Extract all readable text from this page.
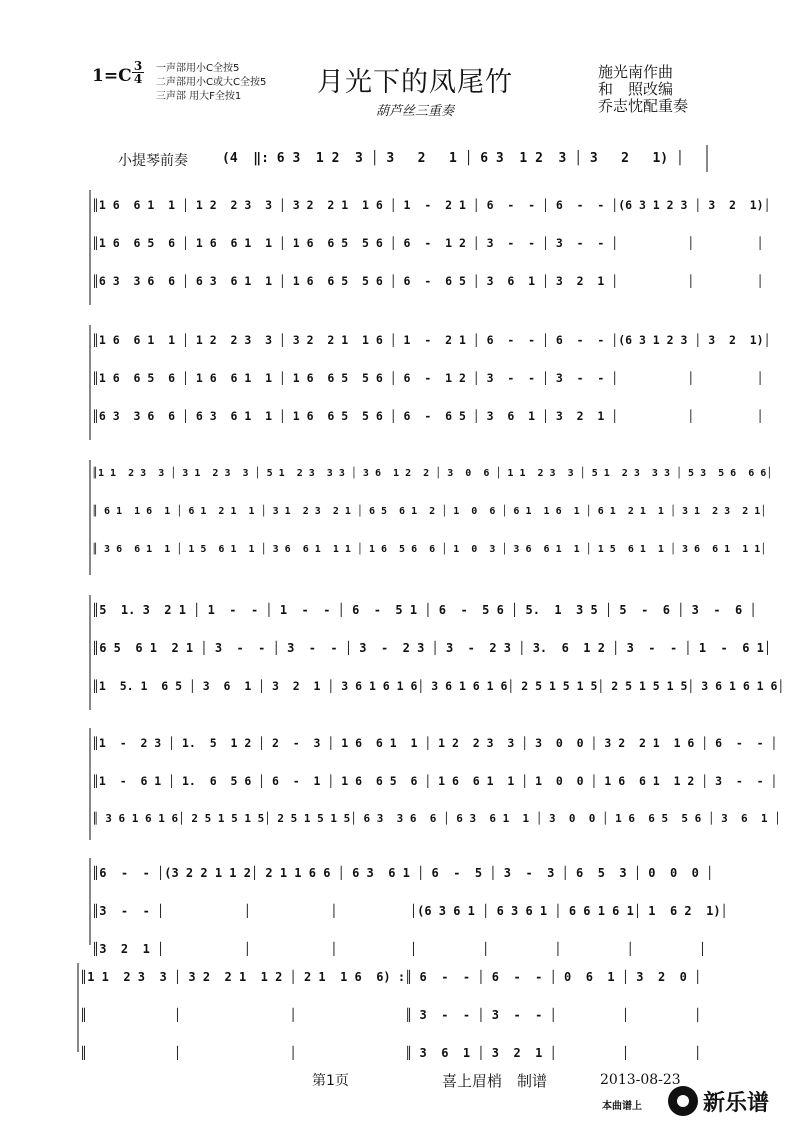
1=C 3
4
一声部用小C全按5
二声部用小C或大C全按5
三声部 用大F全按1	月光下的凤尾竹
葫芦丝三重奏
施光南作曲
和　照改编
乔志忱配重奏
小提琴前奏	(4  ‖: 6 3  1 2  3 │ 3   2   1 │ 6 3  1 2  3 │ 3   2   1) │
║1 6  6 1  1 │ 1 2  2 3  3 │ 3 2  2 1  1 6 │ 1  -  2 1 │ 6  -  - │ 6  -  - │(6 3 1 2 3 │ 3  2  1)│
║1 6  6 5  6 │ 1 6  6 1  1 │ 1 6  6 5  5 6 │ 6  -  1 2 │ 3  -  - │ 3  -  - │          │         │
║6 3  3 6  6 │ 6 3  6 1  1 │ 1 6  6 5  5 6 │ 6  -  6 5 │ 3  6  1 │ 3  2  1 │          │         │
║1 6  6 1  1 │ 1 2  2 3  3 │ 3 2  2 1  1 6 │ 1  -  2 1 │ 6  -  - │ 6  -  - │(6 3 1 2 3 │ 3  2  1)│
║1 6  6 5  6 │ 1 6  6 1  1 │ 1 6  6 5  5 6 │ 6  -  1 2 │ 3  -  - │ 3  -  - │          │         │
║6 3  3 6  6 │ 6 3  6 1  1 │ 1 6  6 5  5 6 │ 6  -  6 5 │ 3  6  1 │ 3  2  1 │          │         │
║1 1  2 3  3 │ 3 1  2 3  3 │ 5 1  2 3  3 3 │ 3 6  1 2  2 │ 3  0  6 │ 1 1  2 3  3 │ 5 1  2 3  3 3 │ 5 3  5 6  6 6│
║ 6 1  1 6  1 │ 6 1  2 1  1 │ 3 1  2 3  2 1 │ 6 5  6 1  2 │ 1  0  6 │ 6 1  1 6  1 │ 6 1  2 1  1 │ 3 1  2 3  2 1│
║ 3 6  6 1  1 │ 1 5  6 1  1 │ 3 6  6 1  1 1 │ 1 6  5 6  6 │ 1  0  3 │ 3 6  6 1  1 │ 1 5  6 1  1 │ 3 6  6 1  1 1│
║5  1. 3  2 1 │ 1  -  - │ 1  -  - │ 6  -  5 1 │ 6  -  5 6 │ 5.  1  3 5 │ 5  -  6 │ 3  -  6 │
║6 5  6 1  2 1 │ 3  -  - │ 3  -  - │ 3  -  2 3 │ 3  -  2 3 │ 3.  6  1 2 │ 3  -  - │ 1  -  6 1│
║1  5. 1  6 5 │ 3  6  1 │ 3  2  1 │ 3 6 1 6 1 6│ 3 6 1 6 1 6│ 2 5 1 5 1 5│ 2 5 1 5 1 5│ 3 6 1 6 1 6│
║1  -  2 3 │ 1.  5  1 2 │ 2  -  3 │ 1 6  6 1  1 │ 1 2  2 3  3 │ 3  0  0 │ 3 2  2 1  1 6 │ 6  -  - │
║1  -  6 1 │ 1.  6  5 6 │ 6  -  1 │ 1 6  6 5  6 │ 1 6  6 1  1 │ 1  0  0 │ 1 6  6 1  1 2 │ 3  -  - │
║ 3 6 1 6 1 6│ 2 5 1 5 1 5│ 2 5 1 5 1 5│ 6 3  3 6  6 │ 6 3  6 1  1 │ 3  0  0 │ 1 6  6 5  5 6 │ 3  6  1 │
║6  -  - │(3 2 2 1 1 2│ 2 1 1 6 6 │ 6 3  6 1 │ 6  -  5 │ 3  -  3 │ 6  5  3 │ 0  0  0 │
║3  -  - │           │           │          │(6 3 6 1 │ 6 3 6 1 │ 6 6 1 6 1│ 1  6 2  1)│
║3  2  1 │           │           │          │         │         │         │         │
║1 1  2 3  3 │ 3 2  2 1  1 2 │ 2 1  1 6  6) :║ 6  -  - │ 6  -  - │ 0  6  1 │ 3  2  0 │
║            │               │               ║ 3  -  - │ 3  -  - │         │         │
║            │               │               ║ 3  6  1 │ 3  2  1 │         │         │
第1页	喜上眉梢　制谱	2013-08-23
本曲谱上	新乐谱
